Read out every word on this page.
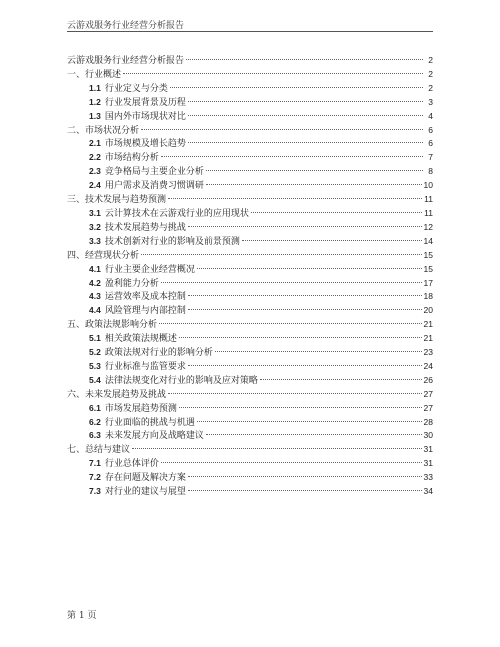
云游戏服务行业经营分析报告
云游戏服务行业经营分析报告	2
一、行业概述	2
1.1 行业定义与分类	2
1.2 行业发展背景及历程	3
1.3 国内外市场现状对比	4
二、市场状况分析	6
2.1 市场规模及增长趋势	6
2.2 市场结构分析	7
2.3 竞争格局与主要企业分析	8
2.4 用户需求及消费习惯调研	10
三、技术发展与趋势预测	11
3.1 云计算技术在云游戏行业的应用现状	11
3.2 技术发展趋势与挑战	12
3.3 技术创新对行业的影响及前景预测	14
四、经营现状分析	15
4.1 行业主要企业经营概况	15
4.2 盈利能力分析	17
4.3 运营效率及成本控制	18
4.4 风险管理与内部控制	20
五、政策法规影响分析	21
5.1 相关政策法规概述	21
5.2 政策法规对行业的影响分析	23
5.3 行业标准与监管要求	24
5.4 法律法规变化对行业的影响及应对策略	26
六、未来发展趋势及挑战	27
6.1 市场发展趋势预测	27
6.2 行业面临的挑战与机遇	28
6.3 未来发展方向及战略建议	30
七、总结与建议	31
7.1 行业总体评价	31
7.2 存在问题及解决方案	33
7.3 对行业的建议与展望	34
第 1 页
